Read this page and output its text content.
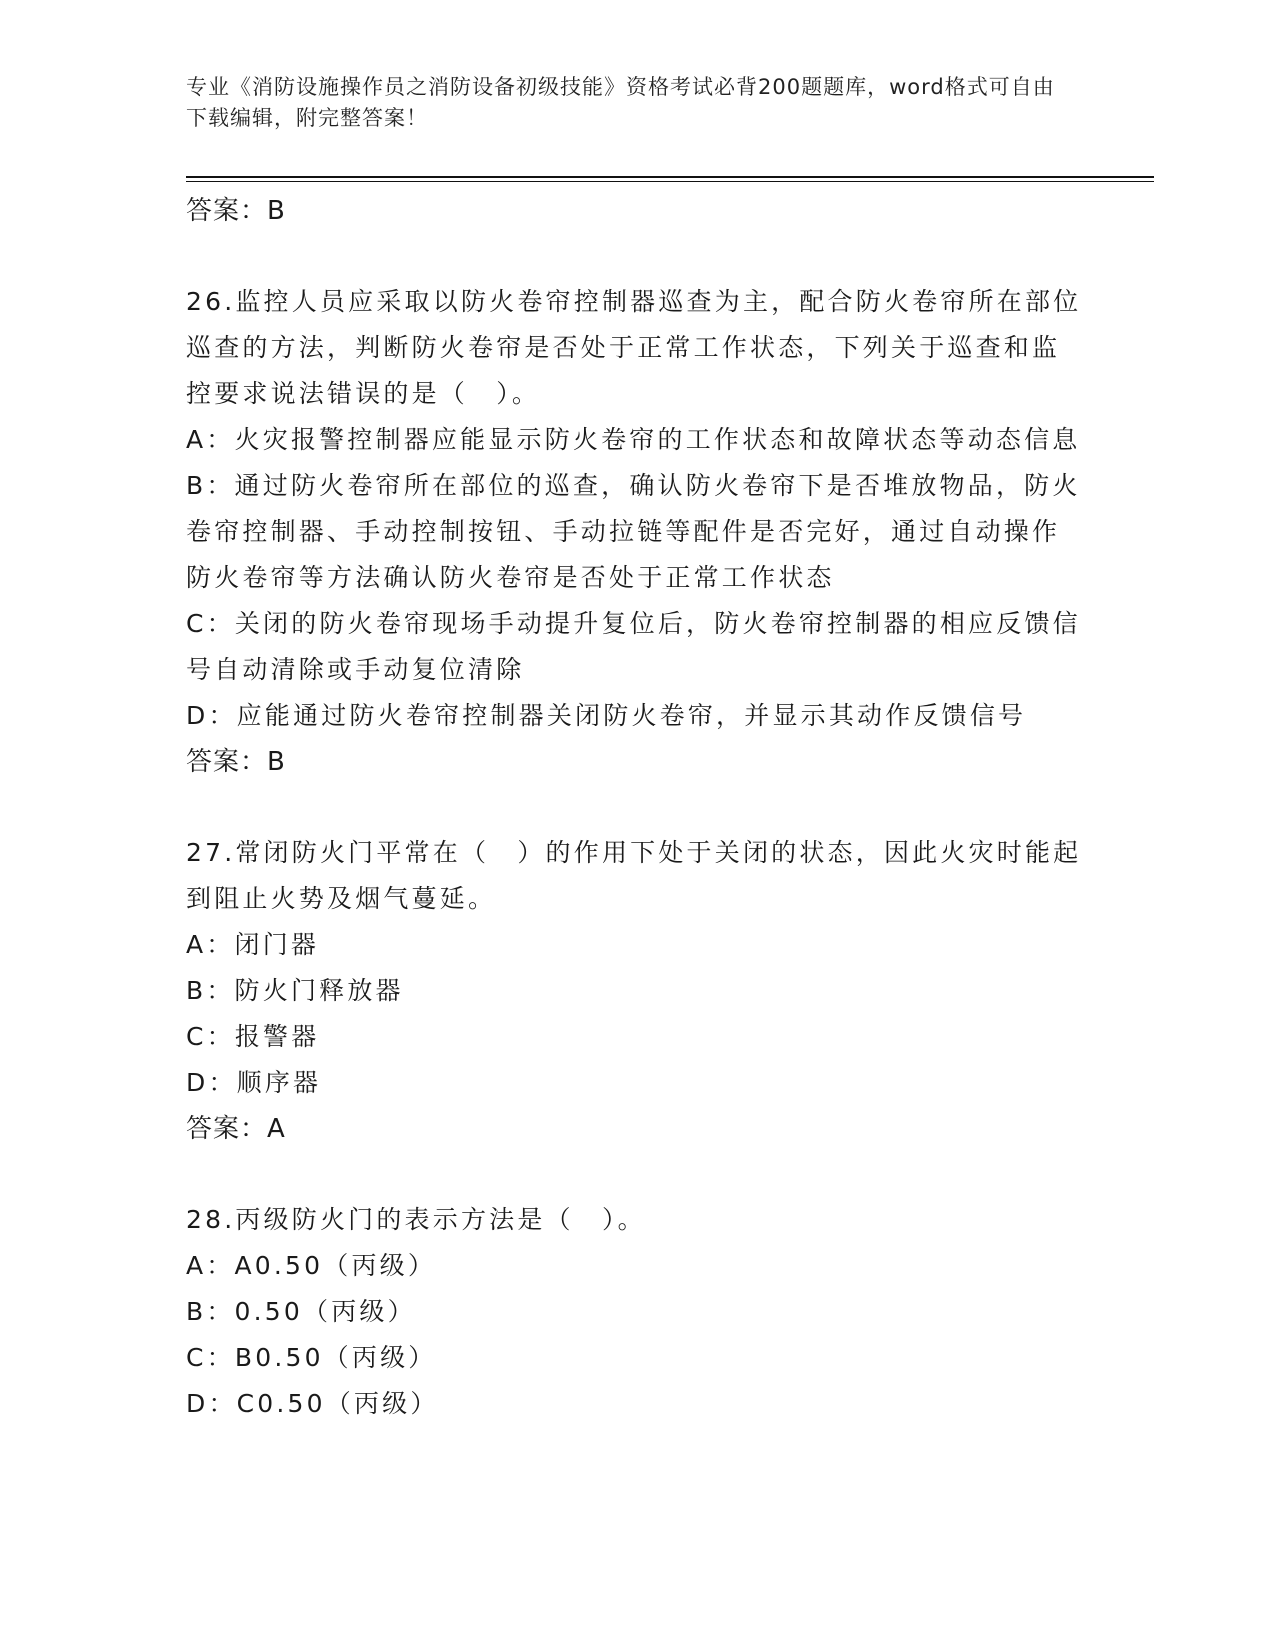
专业《消防设施操作员之消防设备初级技能》资格考试必背200题题库，word格式可自由下载编辑，附完整答案！
答案：B
26.监控人员应采取以防火卷帘控制器巡查为主，配合防火卷帘所在部位巡查的方法，判断防火卷帘是否处于正常工作状态，下列关于巡查和监控要求说法错误的是（　）。
A：火灾报警控制器应能显示防火卷帘的工作状态和故障状态等动态信息
B：通过防火卷帘所在部位的巡查，确认防火卷帘下是否堆放物品，防火卷帘控制器、手动控制按钮、手动拉链等配件是否完好，通过自动操作防火卷帘等方法确认防火卷帘是否处于正常工作状态
C：关闭的防火卷帘现场手动提升复位后，防火卷帘控制器的相应反馈信号自动清除或手动复位清除
D：应能通过防火卷帘控制器关闭防火卷帘，并显示其动作反馈信号
答案：B
27.常闭防火门平常在（　）的作用下处于关闭的状态，因此火灾时能起到阻止火势及烟气蔓延。
A：闭门器
B：防火门释放器
C：报警器
D：顺序器
答案：A
28.丙级防火门的表示方法是（　）。
A：A0.50（丙级）
B：0.50（丙级）
C：B0.50（丙级）
D：C0.50（丙级）
